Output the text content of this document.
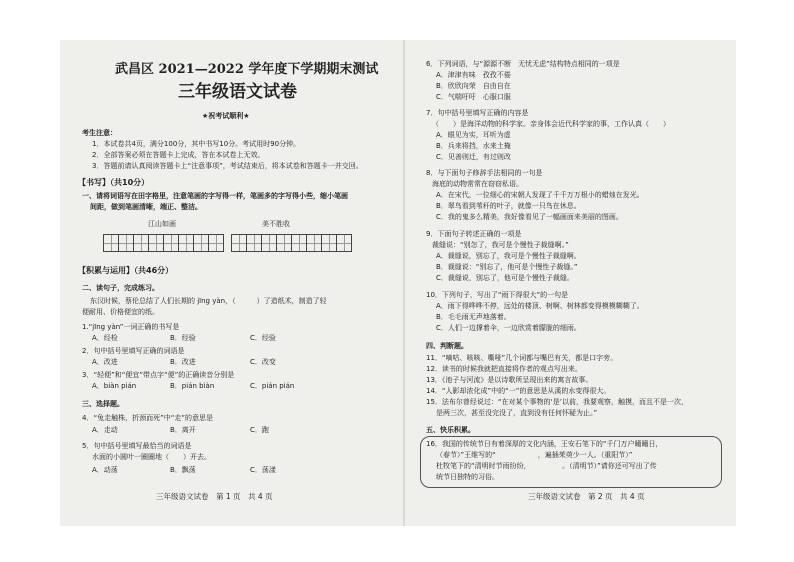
武昌区 2021—2022 学年度下学期期末测试
三年级语文试卷
★祝考试顺利★
考生注意：
1．本试卷共4页，满分100分，其中书写10分。考试用时90分钟。
2．全部答案必须在答题卡上完成，答在本试卷上无效。
3．答题前请认真阅读答题卡上“注意事项”，考试结束后，将本试卷和答题卡一并交回。
【书写】（共10分）
一、请将词语写在田字格里，注意笔画的字写得一样，笔画多的字写得小些，缩小笔画
间距，做到笔画清晰，端正、整洁。
江山如画	美不胜收
【积累与运用】（共46分）
二、读句子，完成练习。
东汉时候，蔡伦总结了人们长期的 jīng yàn，（　　　）了造纸术，制造了轻
便耐用、价格便宜的纸。
1.“jīng yàn”一词正确的书写是
A．经检	B．经验	C．经验
2．句中括号里填写正确的词语是
A．改进	B．改进	C．改变
3．“轻便”和“便宜”带点字“便”的正确读音分别是
A．biàn pián	B．pián biàn	C．pián pián
三、选择题。
4．“兔走触株，折颈而死”中“走”的意思是
A．走动	B．离开	C．跑
5．句中括号里填写最恰当的词语是
水面的小圆叶一圈圈地（　　）开去。
A．动荡	B．飘荡	C．荡漾
三年级语文试卷　第 1 页　共 4 页
6．下列词语，与“源源不断　无忧无虑”结构特点相同的一项是
A．津津有味　孜孜不倦
B．欣欣向荣　自由自在
C．气喘吁吁　心服口服
7．句中括号里填写正确的内容是
（　　）是海洋动物的科学家。亲身体会近代科学家的事，工作认真（　　）
A．眼见为实，耳听为虚
B．兵来将挡，水来土掩
C．见善则迁，有过则改
8．与下面句子修辞手法相同的一句是
海底的动物常常在窃窃私语。
A．在宋代，一位细心的宋朝人发现了千千万万根小的蜡烛在发光。
B．翠鸟看到苇秆的叶子，就像一只鸟在休息。
C．我的鬼多么精美，我好像看见了一幅画面来美丽的图画。
9．下面句子转述正确的一项是
裁缝说：“别怎了，我可是个慢性子裁缝啊。”
A．裁缝说，别忘了，我可是个慢性子裁缝啊。
B．裁缝说：“别忘了，他可是个慢性子裁缝。”
C．裁缝说，别忘了，他可是个慢性子裁缝。
10．下列句子，写出了“雨下得很大”的一句是
A．雨下得哗哗不停，远处的楼顶、树啊、树林都变得模模糊糊了。
B．毛毛雨无声地落着。
C．人们一边撑着伞，一边欣赏着朦胧的细雨。
四、判断题。
11．“嘀咕、咳咳、嘶哑”几个词都与嘴巴有关，都是口字旁。
12．读书的时候我就把直接将作者的观点写出来。
13．《池子与河流》是以诗歌所呈现出来的寓言故事。
14．“人影却浓化成”中的“一”的意思是从溪的水变得很大。
15．法布尔曾经说过：“在对某个事物的‘是’以前，我要观察，触摸，而且不是一次，
是两三次，甚至没完没了，直到没有任何怀疑为止。”
五、快乐积累。
16．我国的传统节日有着深厚的文化内涵，王安石笔下的“千门万户曈曈日，
（春节）”王维写的“　　　　　　，遍插茱萸少一人。（重阳节）”
杜牧笔下的“清明时节雨纷纷，　　　　　。（清明节）”请你还可写出了传
统节日独特的习俗。
三年级语文试卷　第 2 页　共 4 页
